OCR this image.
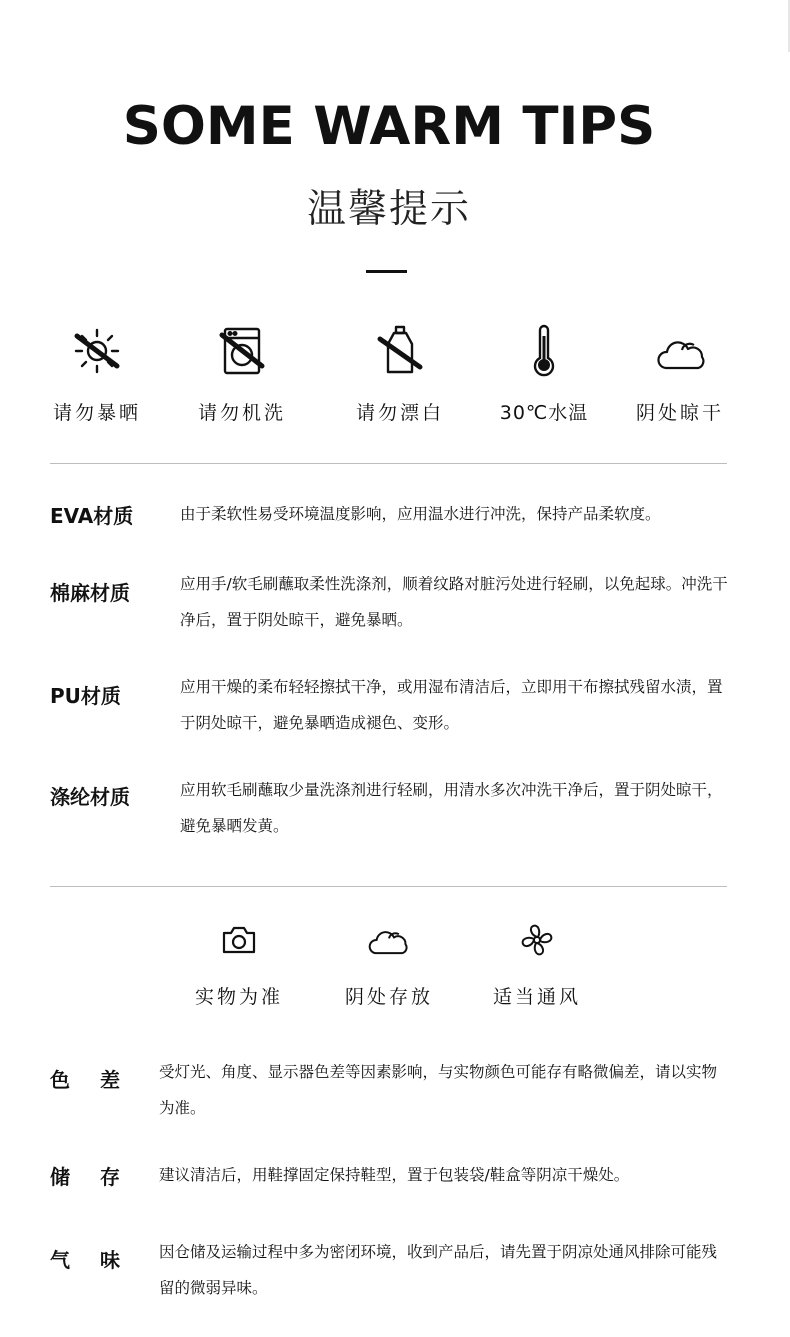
SOME WARM TIPS
温馨提示
请勿暴晒	请勿机洗	请勿漂白	30℃水温	阴处晾干
EVA材质	由于柔软性易受环境温度影响，应用温水进行冲洗，保持产品柔软度。
棉麻材质	应用手/软毛刷蘸取柔性洗涤剂，顺着纹路对脏污处进行轻刷，以免起球。冲洗干净后，置于阴处晾干，避免暴晒。
PU材质	应用干燥的柔布轻轻擦拭干净，或用湿布清洁后，立即用干布擦拭残留水渍，置于阴处晾干，避免暴晒造成褪色、变形。
涤纶材质	应用软毛刷蘸取少量洗涤剂进行轻刷，用清水多次冲洗干净后，置于阴处晾干，避免暴晒发黄。
实物为准	阴处存放	适当通风
色 差	受灯光、角度、显示器色差等因素影响，与实物颜色可能存有略微偏差，请以实物为准。
储 存	建议清洁后，用鞋撑固定保持鞋型，置于包装袋/鞋盒等阴凉干燥处。
气 味	因仓储及运输过程中多为密闭环境，收到产品后，请先置于阴凉处通风排除可能残留的微弱异味。
